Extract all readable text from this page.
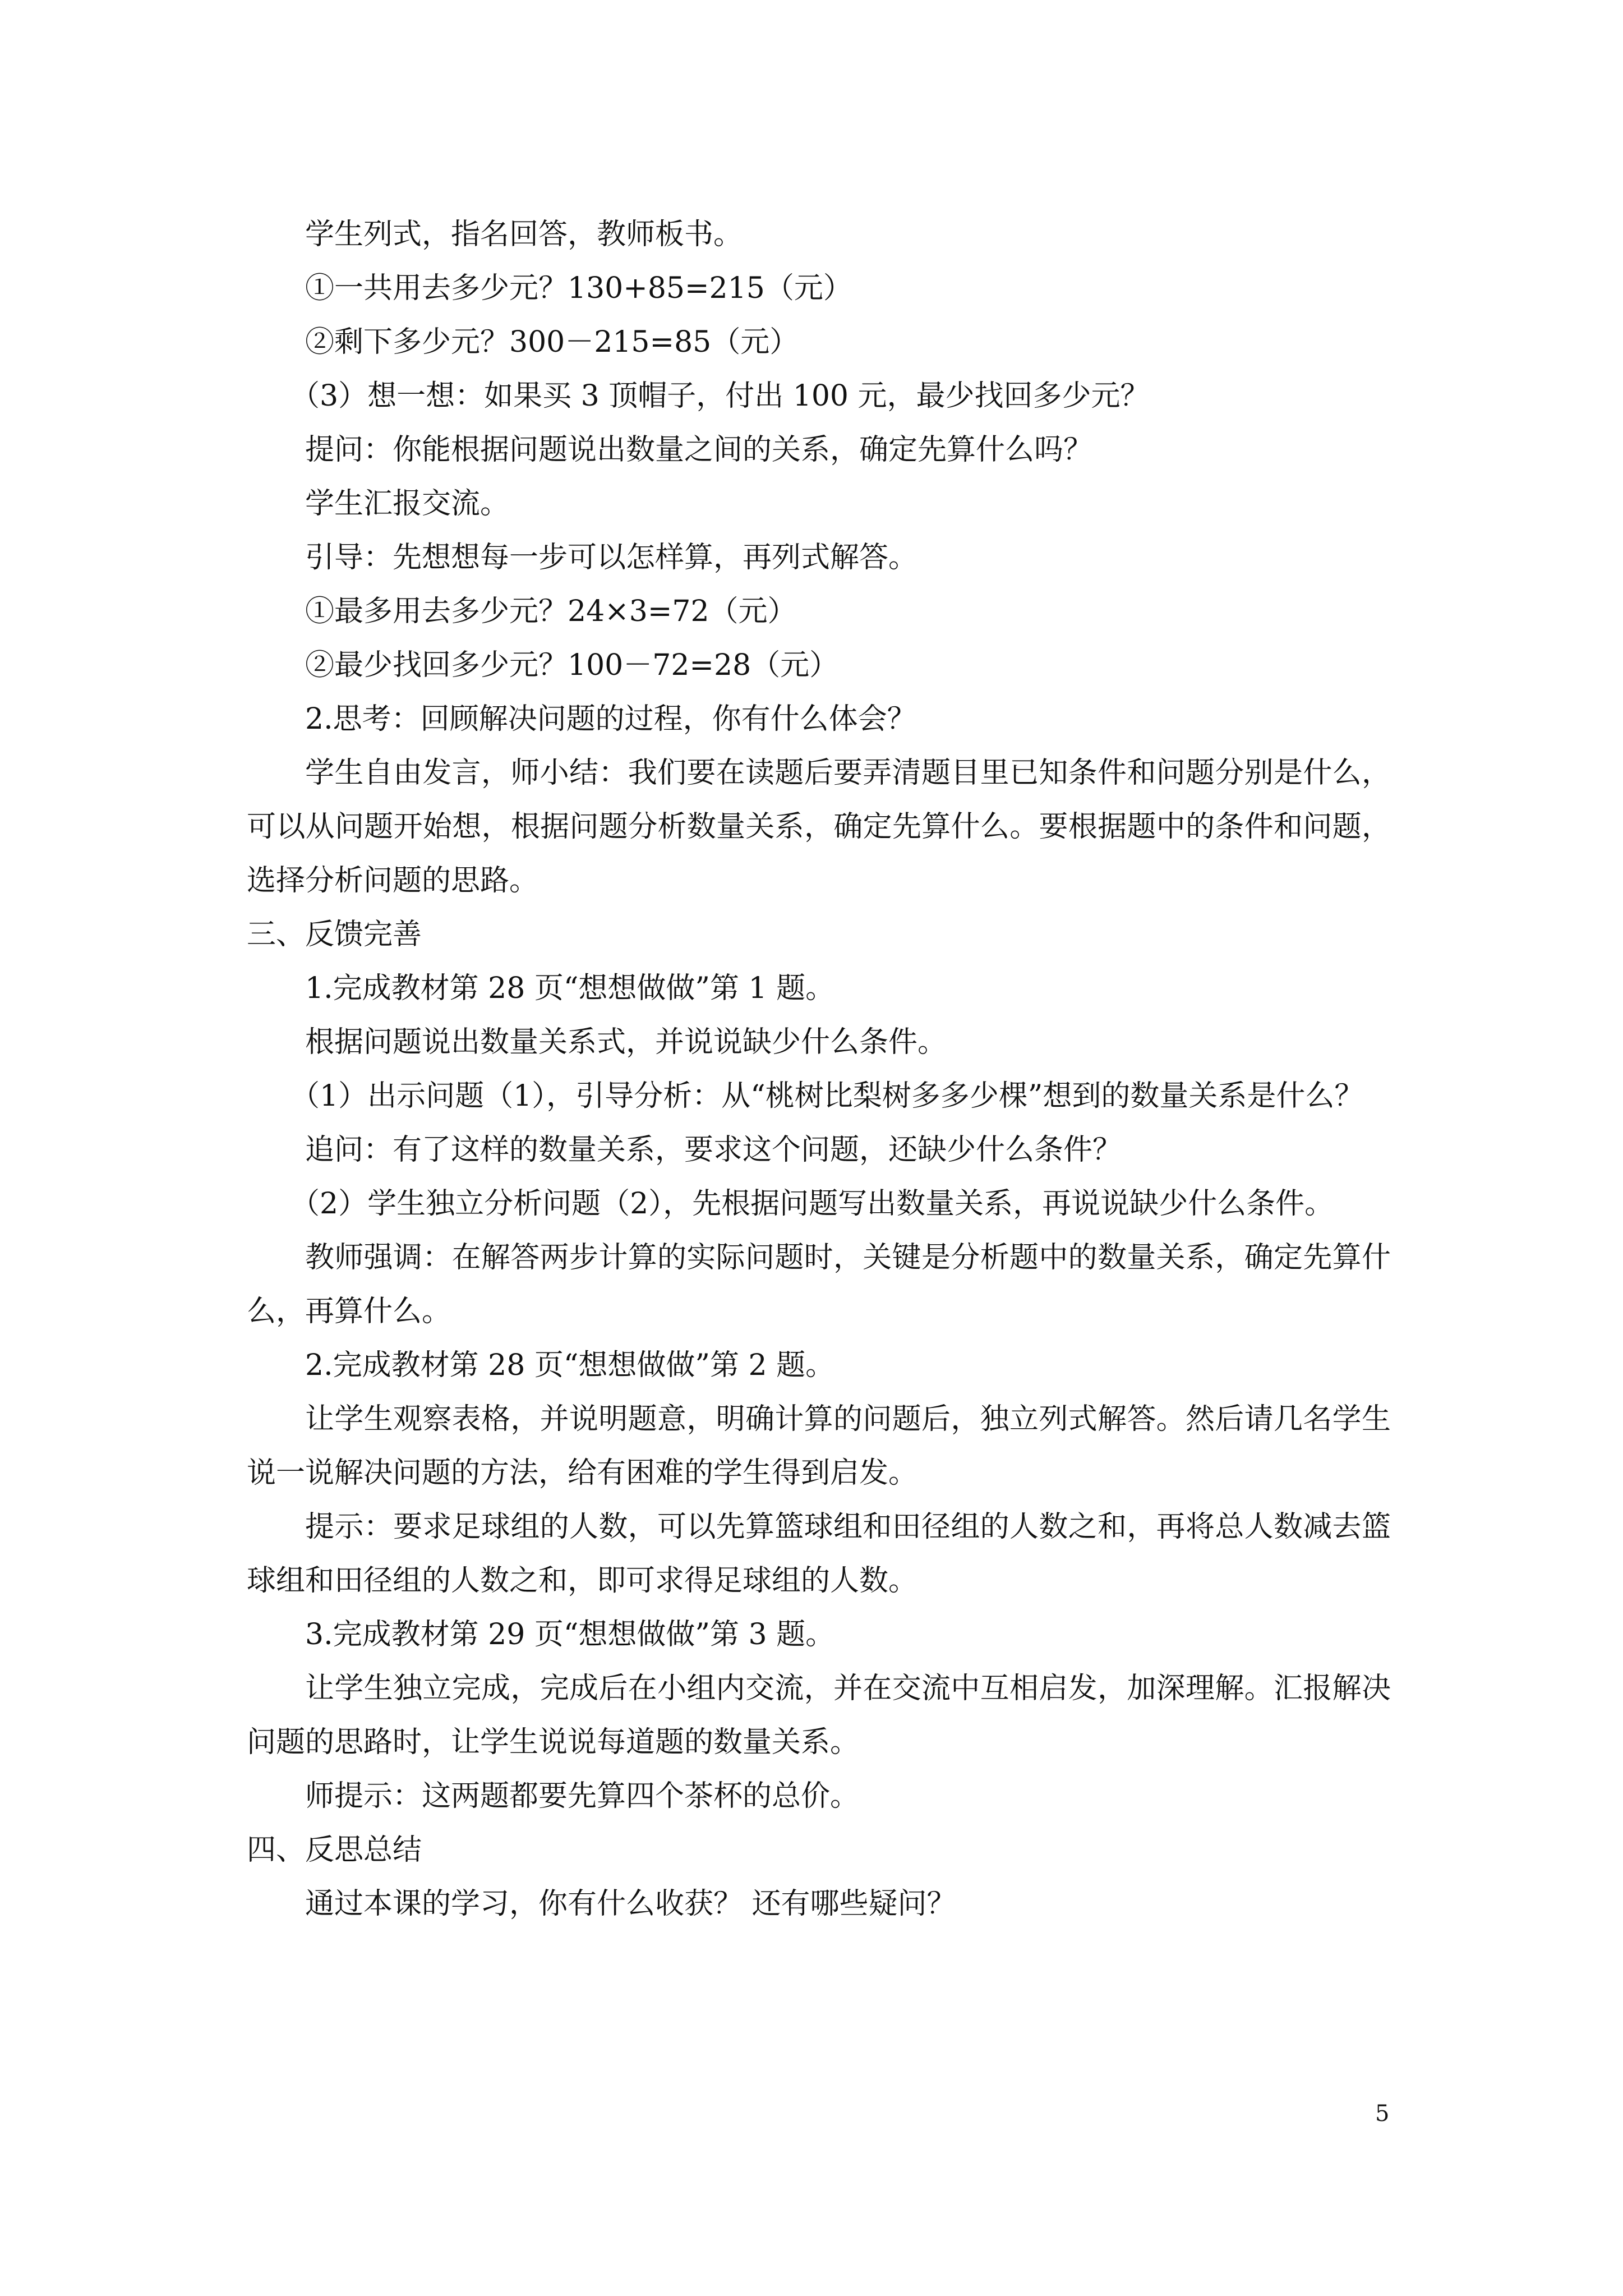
学生列式，指名回答，教师板书。
①一共用去多少元？130+85=215（元）
②剩下多少元？300－215=85（元）
（3）想一想：如果买 3 顶帽子，付出 100 元，最少找回多少元？
提问：你能根据问题说出数量之间的关系，确定先算什么吗？
学生汇报交流。
引导：先想想每一步可以怎样算，再列式解答。
①最多用去多少元？24×3=72（元）
②最少找回多少元？100－72=28（元）
2.思考：回顾解决问题的过程，你有什么体会？
学生自由发言，师小结：我们要在读题后要弄清题目里已知条件和问题分别是什么，可以从问题开始想，根据问题分析数量关系，确定先算什么。要根据题中的条件和问题，选择分析问题的思路。
三、反馈完善
1.完成教材第 28 页“想想做做”第 1 题。
根据问题说出数量关系式，并说说缺少什么条件。
（1）出示问题（1），引导分析：从“桃树比梨树多多少棵”想到的数量关系是什么？
追问：有了这样的数量关系，要求这个问题，还缺少什么条件？
（2）学生独立分析问题（2），先根据问题写出数量关系，再说说缺少什么条件。
教师强调：在解答两步计算的实际问题时，关键是分析题中的数量关系，确定先算什么，再算什么。
2.完成教材第 28 页“想想做做”第 2 题。
让学生观察表格，并说明题意，明确计算的问题后，独立列式解答。然后请几名学生说一说解决问题的方法，给有困难的学生得到启发。
提示：要求足球组的人数，可以先算篮球组和田径组的人数之和，再将总人数减去篮球组和田径组的人数之和，即可求得足球组的人数。
3.完成教材第 29 页“想想做做”第 3 题。
让学生独立完成，完成后在小组内交流，并在交流中互相启发，加深理解。汇报解决问题的思路时，让学生说说每道题的数量关系。
师提示：这两题都要先算四个茶杯的总价。
四、反思总结
通过本课的学习，你有什么收获？ 还有哪些疑问？
5
